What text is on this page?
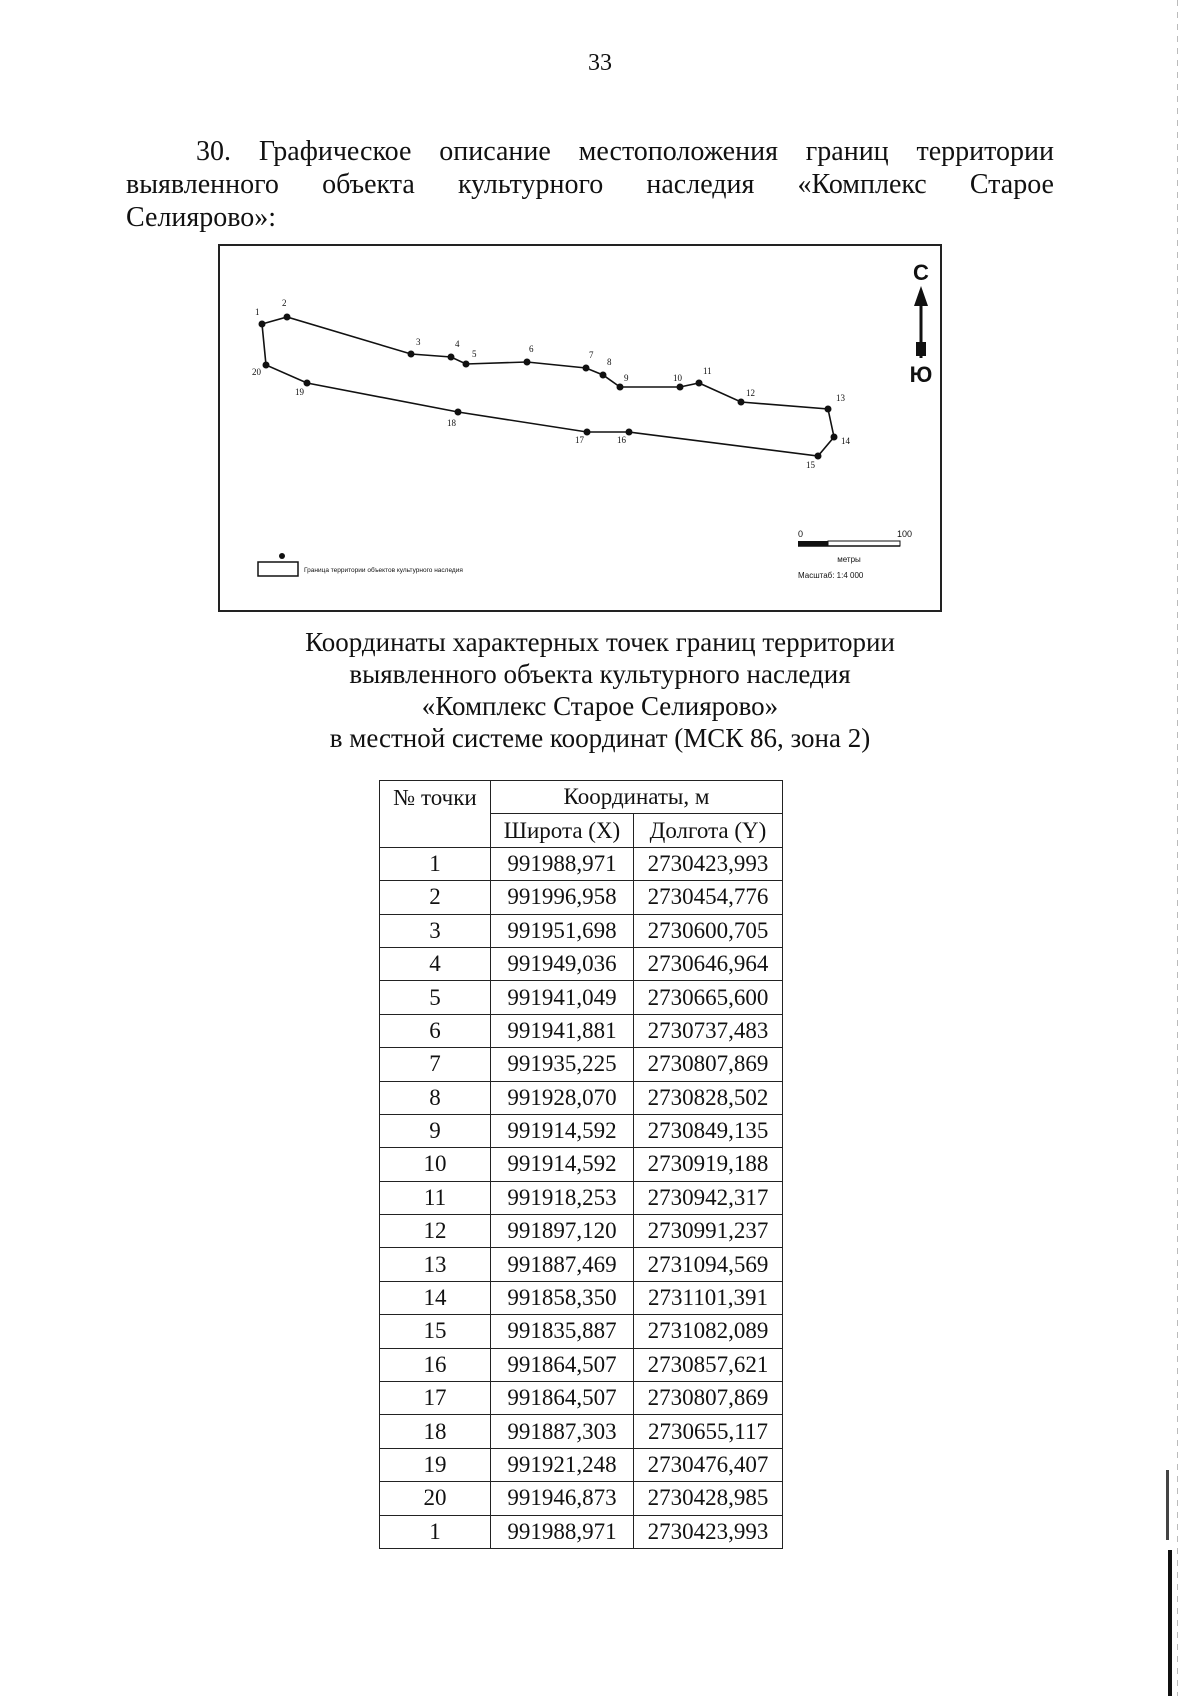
33
30. Графическое описание местоположения границ территории
выявленного объекта культурного наследия «Комплекс Старое
Селиярово»:
1
2
3	4
5	6
7
8
9	10
11
12	13
14
15
16
17
18
19
20
С
Ю
0	100
метры
Масштаб: 1:4 000
Граница территории объектов культурного наследия
Координаты характерных точек границ территории
выявленного объекта культурного наследия
«Комплекс Старое Селиярово»
в местной системе координат (МСК 86, зона 2)
№ точки	Координаты, м	
	Широта (X)	Долгота (Y)
1	991988,971	2730423,993
2	991996,958	2730454,776
3	991951,698	2730600,705
4	991949,036	2730646,964
5	991941,049	2730665,600
6	991941,881	2730737,483
7	991935,225	2730807,869
8	991928,070	2730828,502
9	991914,592	2730849,135
10	991914,592	2730919,188
11	991918,253	2730942,317
12	991897,120	2730991,237
13	991887,469	2731094,569
14	991858,350	2731101,391
15	991835,887	2731082,089
16	991864,507	2730857,621
17	991864,507	2730807,869
18	991887,303	2730655,117
19	991921,248	2730476,407
20	991946,873	2730428,985
1	991988,971	2730423,993
